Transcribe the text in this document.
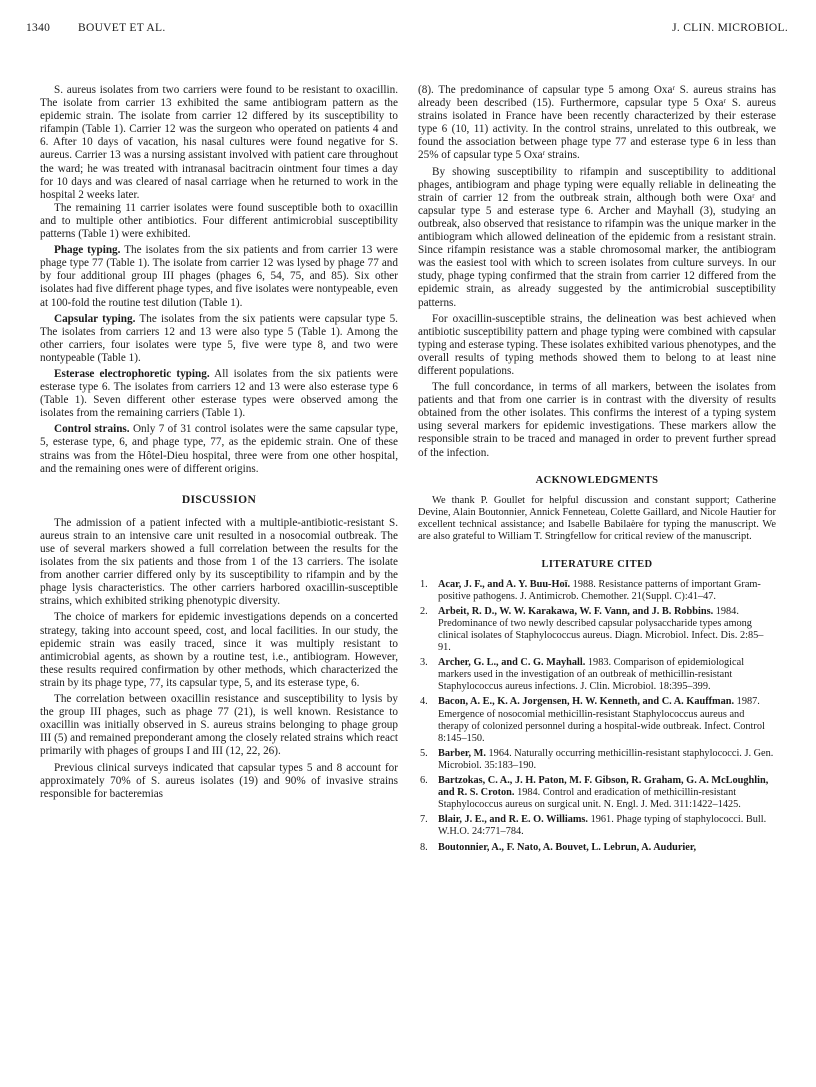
1340 BOUVET ET AL.	J. CLIN. MICROBIOL.

S. aureus isolates from two carriers were found to be resistant to oxacillin. The isolate from carrier 13 exhibited the same antibiogram pattern as the epidemic strain. The isolate from carrier 12 differed by its susceptibility to rifampin (Table 1). Carrier 12 was the surgeon who operated on patients 4 and 6. After 10 days of vacation, his nasal cultures were found negative for S. aureus. Carrier 13 was a nursing assistant involved with patient care throughout the ward; he was treated with intranasal bacitracin ointment four times a day for 10 days and was cleared of nasal carriage when he returned to work in the hospital 2 weeks later.

The remaining 11 carrier isolates were found susceptible both to oxacillin and to multiple other antibiotics. Four different antimicrobial susceptibility patterns (Table 1) were exhibited.

Phage typing. The isolates from the six patients and from carrier 13 were phage type 77 (Table 1). The isolate from carrier 12 was lysed by phage 77 and by four additional group III phages (phages 6, 54, 75, and 85). Six other isolates had five different phage types, and five isolates were nontypeable, even at 100-fold the routine test dilution (Table 1).

Capsular typing. The isolates from the six patients were capsular type 5. The isolates from carriers 12 and 13 were also type 5 (Table 1). Among the other carriers, four isolates were type 5, five were type 8, and two were nontypeable (Table 1).

Esterase electrophoretic typing. All isolates from the six patients were esterase type 6. The isolates from carriers 12 and 13 were also esterase type 6 (Table 1). Seven different other esterase types were observed among the isolates from the remaining carriers (Table 1).

Control strains. Only 7 of 31 control isolates were the same capsular type, 5, esterase type, 6, and phage type, 77, as the epidemic strain. One of these strains was from the Hôtel-Dieu hospital, three were from one other hospital, and the remaining ones were of different origins.

DISCUSSION

The admission of a patient infected with a multiple-antibiotic-resistant S. aureus strain to an intensive care unit resulted in a nosocomial outbreak. The use of several markers showed a full correlation between the results for the isolates from the six patients and those from 1 of the 13 carriers. The isolate from another carrier differed only by its susceptibility to rifampin and by the phage lysis characteristics. The other carriers harbored oxacillin-susceptible strains, which exhibited striking phenotypic diversity.

The choice of markers for epidemic investigations depends on a concerted strategy, taking into account speed, cost, and local facilities. In our study, the epidemic strain was easily traced, since it was multiply resistant to antimicrobial agents, as shown by a routine test, i.e., antibiogram. However, these results required confirmation by other methods, which characterized the strain by its phage type, 77, its capsular type, 5, and its esterase type, 6.

The correlation between oxacillin resistance and susceptibility to lysis by the group III phages, such as phage 77 (21), is well known. Resistance to oxacillin was initially observed in S. aureus strains belonging to phage group III (5) and remained preponderant among the closely related strains which react primarily with phages of groups I and III (12, 22, 26).

Previous clinical surveys indicated that capsular types 5 and 8 account for approximately 70% of S. aureus isolates (19) and 90% of invasive strains responsible for bacteremias

(8). The predominance of capsular type 5 among Oxaʳ S. aureus strains has already been described (15). Furthermore, capsular type 5 Oxaʳ S. aureus strains isolated in France have been recently characterized by their esterase type 6 (10, 11) activity. In the control strains, unrelated to this outbreak, we found the association between phage type 77 and esterase type 6 in less than 25% of capsular type 5 Oxaʳ strains.

By showing susceptibility to rifampin and susceptibility to additional phages, antibiogram and phage typing were equally reliable in delineating the strain of carrier 12 from the outbreak strain, although both were Oxaʳ and capsular type 5 and esterase type 6. Archer and Mayhall (3), studying an outbreak, also observed that resistance to rifampin was the unique marker in the antibiogram which allowed delineation of the epidemic from a resistant strain. Since rifampin resistance was a stable chromosomal marker, the antibiogram was the easiest tool with which to screen isolates from culture surveys. In our study, phage typing confirmed that the strain from carrier 12 differed from the epidemic strain, as already suggested by the antimicrobial susceptibility patterns.

For oxacillin-susceptible strains, the delineation was best achieved when antibiotic susceptibility pattern and phage typing were combined with capsular typing and esterase typing. These isolates exhibited various phenotypes, and the overall results of typing methods showed them to belong to at least nine different populations.

The full concordance, in terms of all markers, between the isolates from patients and that from one carrier is in contrast with the diversity of results obtained from the other isolates. This confirms the interest of a typing system using several markers for epidemic investigations. These markers allow the responsible strain to be traced and managed in order to prevent further spread of the infection.

ACKNOWLEDGMENTS

We thank P. Goullet for helpful discussion and constant support; Catherine Devine, Alain Boutonnier, Annick Fenneteau, Colette Gaillard, and Nicole Hautier for excellent technical assistance; and Isabelle Babilaère for typing the manuscript. We are also grateful to William T. Stringfellow for critical review of the manuscript.

LITERATURE CITED
1. Acar, J. F., and A. Y. Buu-Hoï. 1988. Resistance patterns of important Gram-positive pathogens. J. Antimicrob. Chemother. 21(Suppl. C):41–47.
2. Arbeit, R. D., W. W. Karakawa, W. F. Vann, and J. B. Robbins. 1984. Predominance of two newly described capsular polysaccharide types among clinical isolates of Staphylococcus aureus. Diagn. Microbiol. Infect. Dis. 2:85–91.
3. Archer, G. L., and C. G. Mayhall. 1983. Comparison of epidemiological markers used in the investigation of an outbreak of methicillin-resistant Staphylococcus aureus infections. J. Clin. Microbiol. 18:395–399.
4. Bacon, A. E., K. A. Jorgensen, H. W. Kenneth, and C. A. Kauffman. 1987. Emergence of nosocomial methicillin-resistant Staphylococcus aureus and therapy of colonized personnel during a hospital-wide outbreak. Infect. Control 8:145–150.
5. Barber, M. 1964. Naturally occurring methicillin-resistant staphylococci. J. Gen. Microbiol. 35:183–190.
6. Bartzokas, C. A., J. H. Paton, M. F. Gibson, R. Graham, G. A. McLoughlin, and R. S. Croton. 1984. Control and eradication of methicillin-resistant Staphylococcus aureus on surgical unit. N. Engl. J. Med. 311:1422–1425.
7. Blair, J. E., and R. E. O. Williams. 1961. Phage typing of staphylococci. Bull. W.H.O. 24:771–784.
8. Boutonnier, A., F. Nato, A. Bouvet, L. Lebrun, A. Audurier,
